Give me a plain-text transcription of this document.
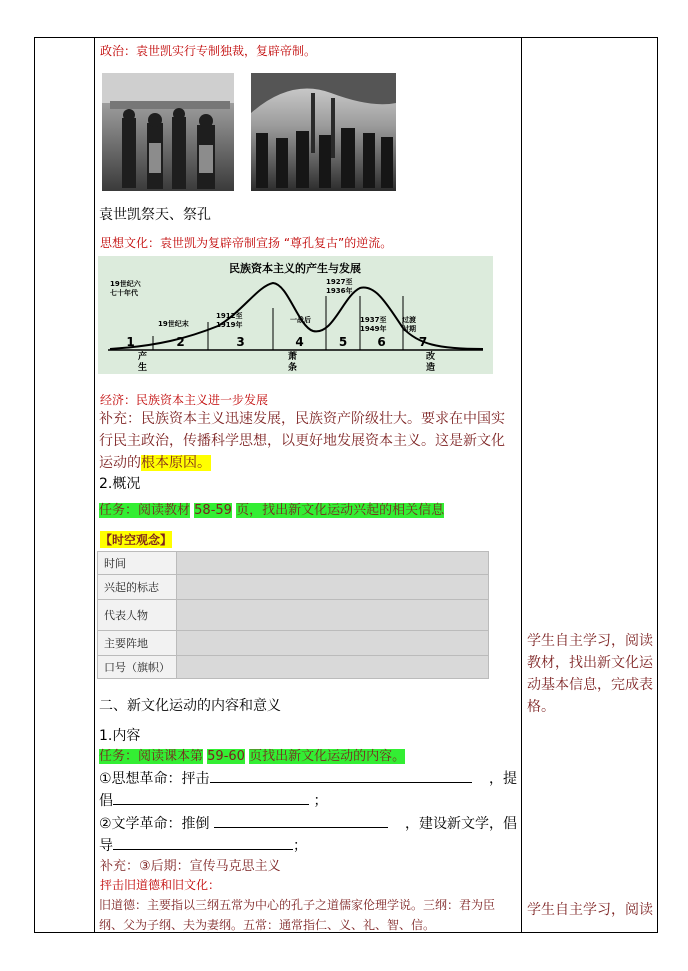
政治：袁世凯实行专制独裁，复辟帝制。
袁世凯祭天、祭孔
思想文化：袁世凯为复辟帝制宣扬 “尊孔复古”的逆流。
民族资本主义的产生与发展
1	2	3	4	5	6	7
19世纪六
七十年代
19世纪末
1912至
1919年
一战后
1927至
1936年
1937至
1949年
过渡
时期
产
生
萧
条
改
造
经济：民族资本主义进一步发展
补充：民族资本主义迅速发展，民族资产阶级壮大。要求在中国实行民主政治，传播科学思想，以更好地发展资本主义。这是新文化运动的根本原因。
2.概况
任务：阅读教材 58-59 页，找出新文化运动兴起的相关信息
【时空观念】
时间	
兴起的标志	
代表人物	
主要阵地	
口号（旗帜）	
二、新文化运动的内容和意义
1.内容
任务：阅读课本第 59-60 页找出新文化运动的内容。
①思想革命：抨击	，提
倡	；
②文学革命：推倒	，建设新文学，倡
导	；
补充：③后期：宣传马克思主义
抨击旧道德和旧文化：
旧道德：主要指以三纲五常为中心的孔子之道儒家伦理学说。三纲：君为臣纲、父为子纲、夫为妻纲。五常：通常指仁、义、礼、智、信。
学生自主学习，阅读教材，找出新文化运动基本信息，完成表格。
学生自主学习，阅读
